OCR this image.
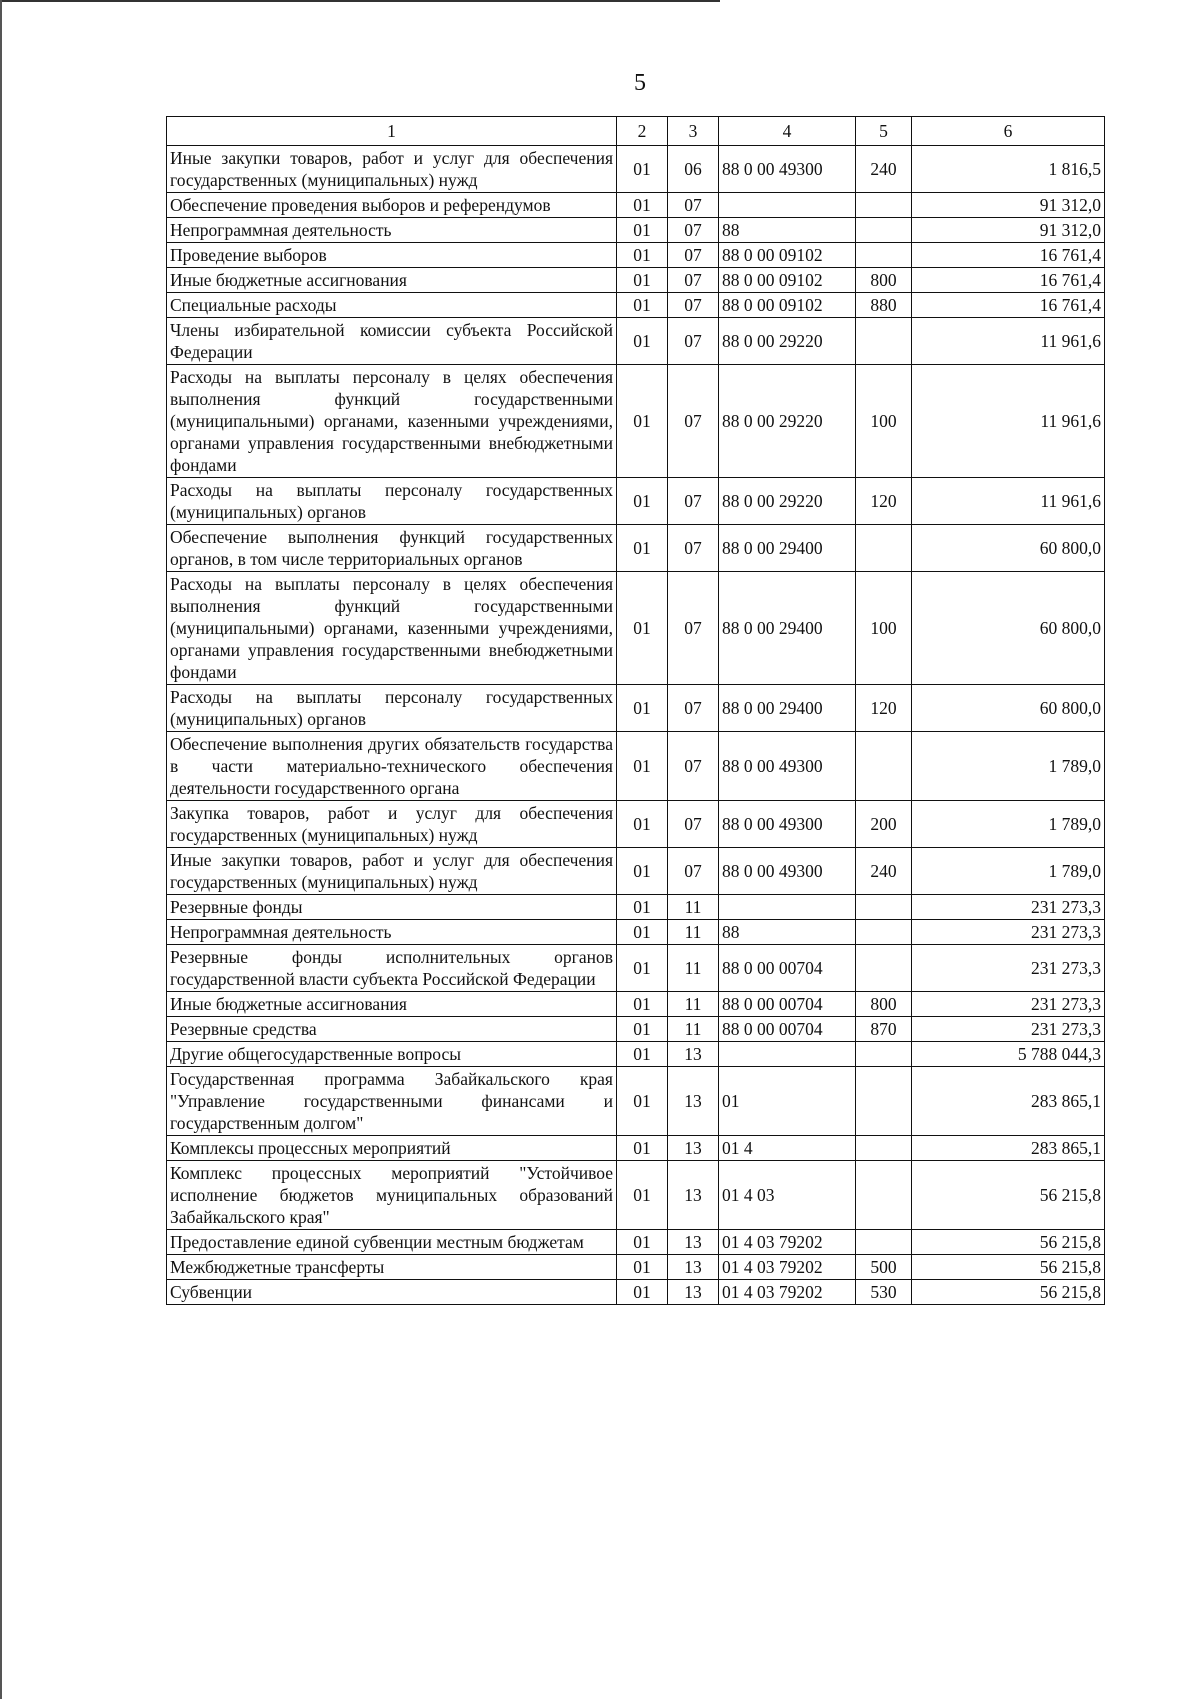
5
1	2	3	4	5	6
Иные закупки товаров, работ и услуг для обеспечения государственных (муниципальных) нужд	01	06	88 0 00 49300	240	1 816,5
Обеспечение проведения выборов и референдумов	01	07			91 312,0
Непрограммная деятельность	01	07	88		91 312,0
Проведение выборов	01	07	88 0 00 09102		16 761,4
Иные бюджетные ассигнования	01	07	88 0 00 09102	800	16 761,4
Специальные расходы	01	07	88 0 00 09102	880	16 761,4
Члены избирательной комиссии субъекта Российской Федерации	01	07	88 0 00 29220		11 961,6
Расходы на выплаты персоналу в целях обеспечения выполнения функций государственными (муниципальными) органами, казенными учреждениями, органами управления государственными внебюджетными фондами	01	07	88 0 00 29220	100	11 961,6
Расходы на выплаты персоналу государственных (муниципальных) органов	01	07	88 0 00 29220	120	11 961,6
Обеспечение выполнения функций государственных органов, в том числе территориальных органов	01	07	88 0 00 29400		60 800,0
Расходы на выплаты персоналу в целях обеспечения выполнения функций государственными (муниципальными) органами, казенными учреждениями, органами управления государственными внебюджетными фондами	01	07	88 0 00 29400	100	60 800,0
Расходы на выплаты персоналу государственных (муниципальных) органов	01	07	88 0 00 29400	120	60 800,0
Обеспечение выполнения других обязательств государства в части материально-технического обеспечения деятельности государственного органа	01	07	88 0 00 49300		1 789,0
Закупка товаров, работ и услуг для обеспечения государственных (муниципальных) нужд	01	07	88 0 00 49300	200	1 789,0
Иные закупки товаров, работ и услуг для обеспечения государственных (муниципальных) нужд	01	07	88 0 00 49300	240	1 789,0
Резервные фонды	01	11			231 273,3
Непрограммная деятельность	01	11	88		231 273,3
Резервные фонды исполнительных органов государственной власти субъекта Российской Федерации	01	11	88 0 00 00704		231 273,3
Иные бюджетные ассигнования	01	11	88 0 00 00704	800	231 273,3
Резервные средства	01	11	88 0 00 00704	870	231 273,3
Другие общегосударственные вопросы	01	13			5 788 044,3
Государственная программа Забайкальского края "Управление государственными финансами и государственным долгом"	01	13	01		283 865,1
Комплексы процессных мероприятий	01	13	01 4		283 865,1
Комплекс процессных мероприятий "Устойчивое исполнение бюджетов муниципальных образований Забайкальского края"	01	13	01 4 03		56 215,8
Предоставление единой субвенции местным бюджетам	01	13	01 4 03 79202		56 215,8
Межбюджетные трансферты	01	13	01 4 03 79202	500	56 215,8
Субвенции	01	13	01 4 03 79202	530	56 215,8
